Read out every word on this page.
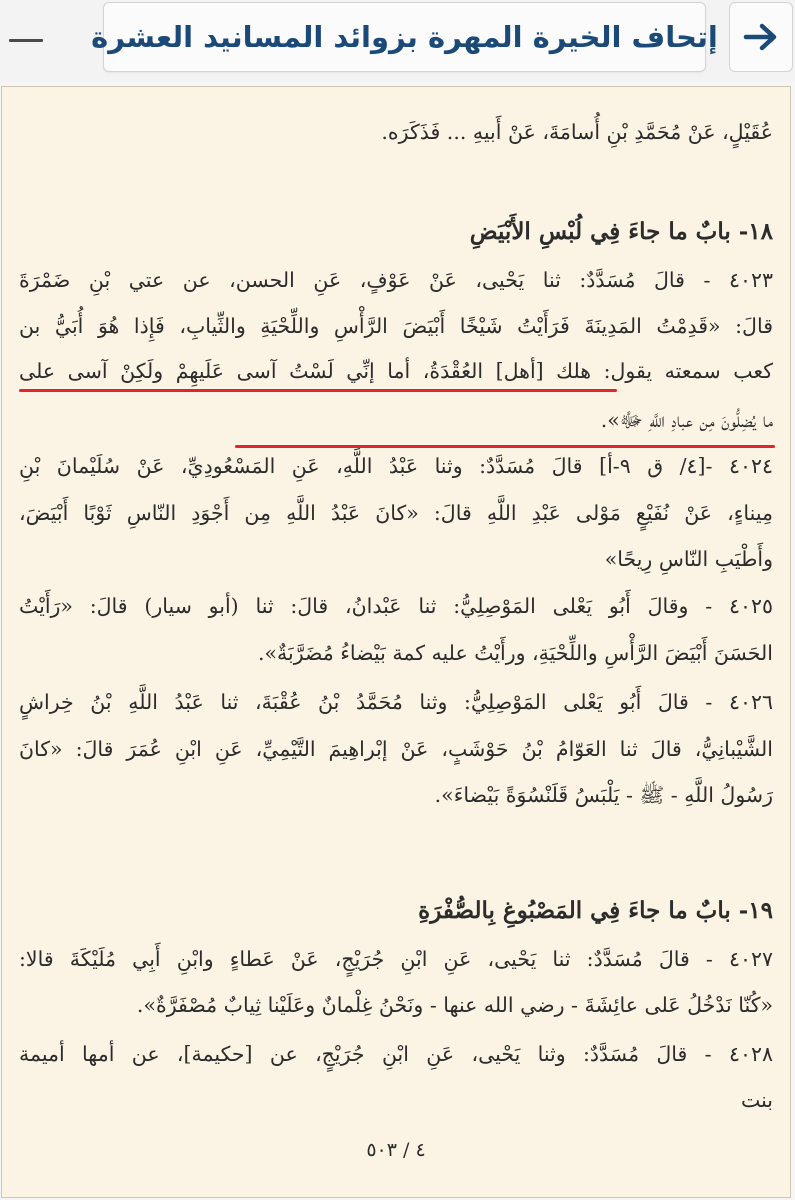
إتحاف الخيرة المهرة بزوائد المسانيد العشرة
عُقَيْلٍ، عَنْ مُحَمَّدِ بْنِ أُسامَةَ، عَنْ أَبيهِ ... فَذَكَرَه.
١٨- بابٌ ما جاءَ فِي لُبْسِ الأَبْيَضِ
٤٠٢٣ - قالَ مُسَدَّدٌ: ثنا يَحْيى، عَنْ عَوْفٍ، عَنِ الحسن، عن عتي بْنِ ضَمْرَةَ
قالَ: «قَدِمْتُ المَدِينَةَ فَرَأَيْتُ شَيْخًا أَبْيَضَ الرَّأْسِ واللِّحْيَةِ والثِّيابِ، فَإِذا هُوَ أُبَيُّ بن
كعب سمعته يقول: هلك [أهل] العُقْدَةُ، أما إنِّي لَسْتُ آسى عَلَيهِمْ ولَكِنْ آسى على
ما يُضِلُّونَ مِن عبادِ اللَّهِ ﷻ».
٤٠٢٤ -[٤/ ق ٩-أ] قالَ مُسَدَّدٌ: وثنا عَبْدُ اللَّهِ، عَنِ المَسْعُودِيِّ، عَنْ سُلَيْمانَ بْنِ
مِيناءٍ، عَنْ نُفَيْعٍ مَوْلى عَبْدِ اللَّهِ قالَ: «كانَ عَبْدُ اللَّهِ مِن أَجْوَدِ النّاسِ ثَوْبًا أَبْيَضَ،
وأَطْيَبِ النّاسِ رِيحًا»
٤٠٢٥ - وقالَ أَبُو يَعْلى المَوْصِلِيُّ: ثنا عَبْدانُ، قالَ: ثنا (أبو سيار) قالَ: «رَأَيْتُ
الحَسَنَ أَبْيَضَ الرَّأْسِ واللِّحْيَةِ، ورأَيْتُ عليه كمة بَيْضاءُ مُضَرَّبَةٌ».
٤٠٢٦ - قالَ أَبُو يَعْلى المَوْصِلِيُّ: وثنا مُحَمَّدُ بْنُ عُقْبَةَ، ثنا عَبْدُ اللَّهِ بْنُ خِراشٍ
الشَّيْبانِيُّ، قالَ ثنا العَوّامُ بْنُ حَوْشَبٍ، عَنْ إبْراهِيمَ التَّيْمِيِّ، عَنِ ابْنِ عُمَرَ قالَ: «كانَ
رَسُولُ اللَّهِ - ﷺ - يَلْبَسُ قَلَنْسُوَةً بَيْضاءَ».
١٩- بابٌ ما جاءَ فِي المَصْبُوغِ بِالصُّفْرَةِ
٤٠٢٧ - قالَ مُسَدَّدٌ: ثنا يَحْيى، عَنِ ابْنِ جُرَيْجٍ، عَنْ عَطاءٍ وابْنِ أَبِي مُلَيْكَةَ قالا:
«كُنّا نَدْخُلُ عَلى عائِشَةَ - رضي الله عنها - ونَحْنُ غِلْمانٌ وعَلَيْنا ثِيابٌ مُصْفَرَّةٌ».
٤٠٢٨ - قالَ مُسَدَّدٌ: وثنا يَحْيى، عَنِ ابْنِ جُرَيْجٍ، عن [حكيمة]، عن أمها أميمة
بنت
٤ / ٥٠٣
